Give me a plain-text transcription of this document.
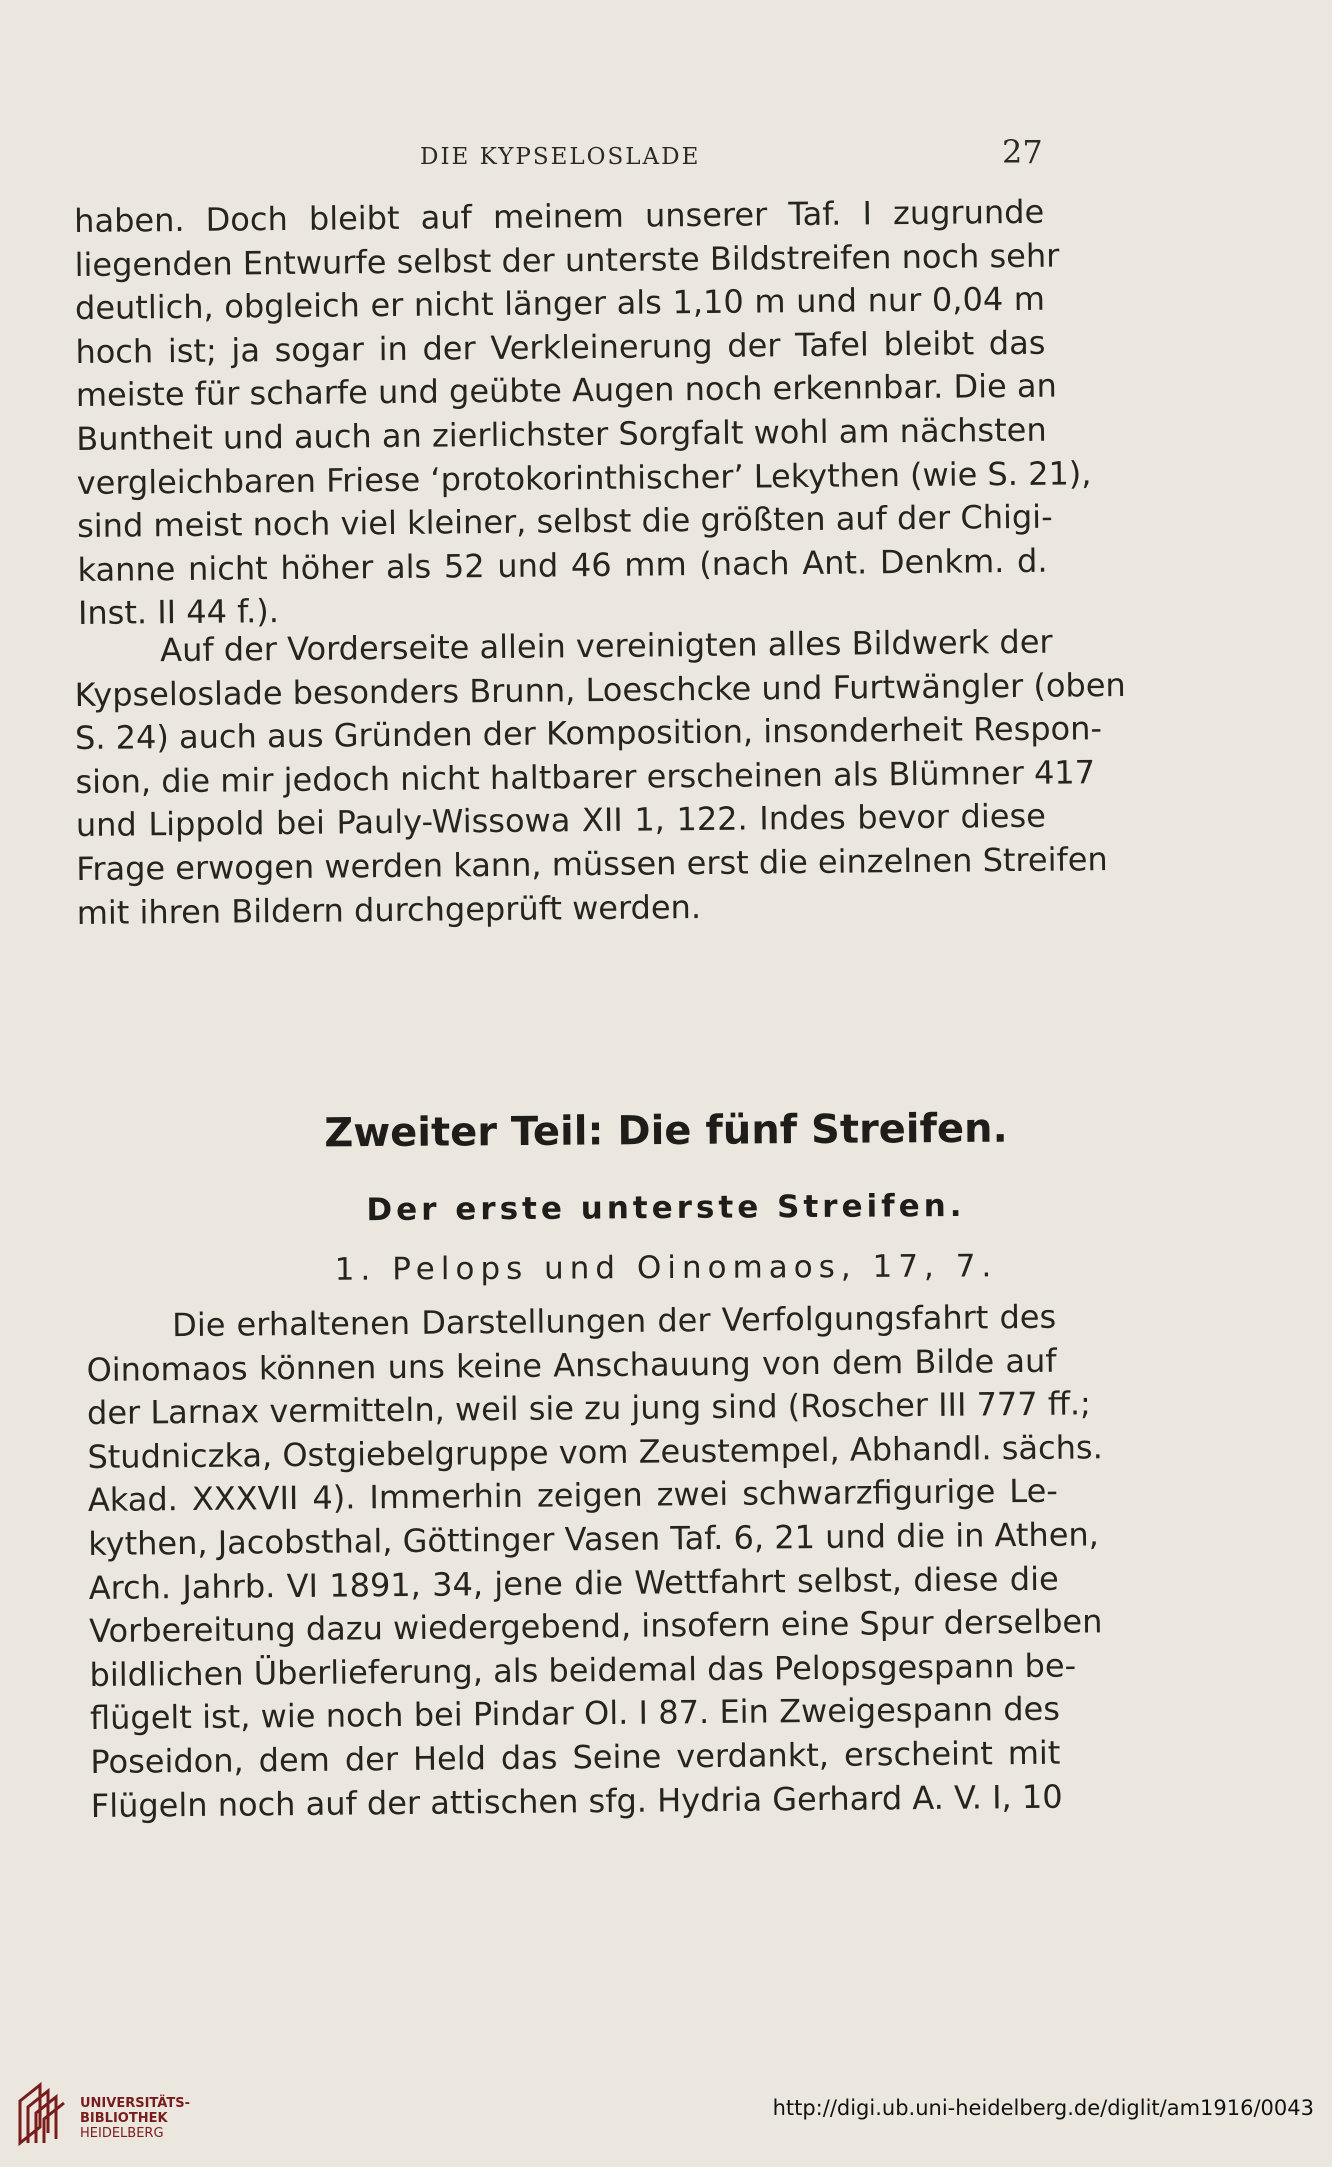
DIE KYPSELOSLADE	27
haben. Doch bleibt auf meinem unserer Taf. I zugrunde
liegenden Entwurfe selbst der unterste Bildstreifen noch sehr
deutlich, obgleich er nicht länger als 1,10 m und nur 0,04 m
hoch ist; ja sogar in der Verkleinerung der Tafel bleibt das
meiste für scharfe und geübte Augen noch erkennbar. Die an
Buntheit und auch an zierlichster Sorgfalt wohl am nächsten
vergleichbaren Friese ‘protokorinthischer’ Lekythen (wie S. 21),
sind meist noch viel kleiner, selbst die größten auf der Chigi-
kanne nicht höher als 52 und 46 mm (nach Ant. Denkm. d.
Inst. II 44 f.).
Auf der Vorderseite allein vereinigten alles Bildwerk der
Kypseloslade besonders Brunn, Loeschcke und Furtwängler (oben
S. 24) auch aus Gründen der Komposition, insonderheit Respon-
sion, die mir jedoch nicht haltbarer erscheinen als Blümner 417
und Lippold bei Pauly-Wissowa XII 1, 122. Indes bevor diese
Frage erwogen werden kann, müssen erst die einzelnen Streifen
mit ihren Bildern durchgeprüft werden.
Zweiter Teil: Die fünf Streifen.
Der erste unterste Streifen.
1. Pelops und Oinomaos, 17, 7.
Die erhaltenen Darstellungen der Verfolgungsfahrt des
Oinomaos können uns keine Anschauung von dem Bilde auf
der Larnax vermitteln, weil sie zu jung sind (Roscher III 777 ff.;
Studniczka, Ostgiebelgruppe vom Zeustempel, Abhandl. sächs.
Akad. XXXVII 4). Immerhin zeigen zwei schwarzfigurige Le-
kythen, Jacobsthal, Göttinger Vasen Taf. 6, 21 und die in Athen,
Arch. Jahrb. VI 1891, 34, jene die Wettfahrt selbst, diese die
Vorbereitung dazu wiedergebend, insofern eine Spur derselben
bildlichen Überlieferung, als beidemal das Pelopsgespann be-
flügelt ist, wie noch bei Pindar Ol. I 87. Ein Zweigespann des
Poseidon, dem der Held das Seine verdankt, erscheint mit
Flügeln noch auf der attischen sfg. Hydria Gerhard A. V. I, 10
UNIVERSITÄTS-
BIBLIOTHEK
HEIDELBERG
http://digi.ub.uni-heidelberg.de/diglit/am1916/0043
